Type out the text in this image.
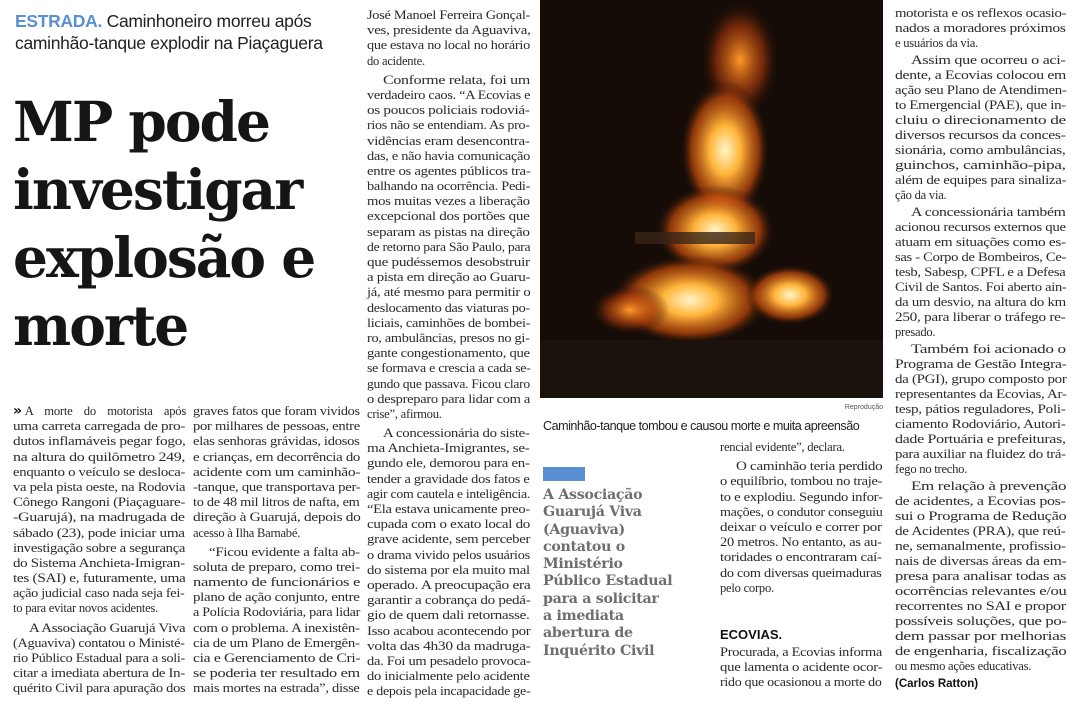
ESTRADA. Caminhoneiro morreu após caminhão-tanque explodir na Piaçaguera
MP pode
investigar
explosão e
morte
» A morte do motorista após
uma carreta carregada de pro-
dutos inflamáveis pegar fogo,
na altura do quilômetro 249,
enquanto o veículo se desloca-
va pela pista oeste, na Rodovia
Cônego Rangoni (Piaçaguare-
-Guarujá), na madrugada de
sábado (23), pode iniciar uma
investigação sobre a segurança
do Sistema Anchieta-Imigran-
tes (SAI) e, futuramente, uma
ação judicial caso nada seja fei-
to para evitar novos acidentes.
A Associação Guarujá Viva
(Aguaviva) contatou o Ministé-
rio Público Estadual para a soli-
citar a imediata abertura de In-
quérito Civil para apuração dos
graves fatos que foram vividos
por milhares de pessoas, entre
elas senhoras grávidas, idosos
e crianças, em decorrência do
acidente com um caminhão-
-tanque, que transportava per-
to de 48 mil litros de nafta, em
direção à Guarujá, depois do
acesso à Ilha Barnabé.
“Ficou evidente a falta ab-
soluta de preparo, como trei-
namento de funcionários e
plano de ação conjunto, entre
a Polícia Rodoviária, para lidar
com o problema. A inexistên-
cia de um Plano de Emergên-
cia e Gerenciamento de Cri-
se poderia ter resultado em
mais mortes na estrada”, disse
José Manoel Ferreira Gonçal-
ves, presidente da Aguaviva,
que estava no local no horário
do acidente.
Conforme relata, foi um
verdadeiro caos. “A Ecovias e
os poucos policiais rodoviá-
rios não se entendiam. As pro-
vidências eram desencontra-
das, e não havia comunicação
entre os agentes públicos tra-
balhando na ocorrência. Pedi-
mos muitas vezes a liberação
excepcional dos portões que
separam as pistas na direção
de retorno para São Paulo, para
que pudéssemos desobstruir
a pista em direção ao Guaru-
já, até mesmo para permitir o
deslocamento das viaturas po-
liciais, caminhões de bombei-
ro, ambulâncias, presos no gi-
gante congestionamento, que
se formava e crescia a cada se-
gundo que passava. Ficou claro
o despreparo para lidar com a
crise”, afirmou.
A concessionária do siste-
ma Anchieta-Imigrantes, se-
gundo ele, demorou para en-
tender a gravidade dos fatos e
agir com cautela e inteligência.
“Ela estava unicamente preo-
cupada com o exato local do
grave acidente, sem perceber
o drama vivido pelos usuários
do sistema por ela muito mal
operado. A preocupação era
garantir a cobrança do pedá-
gio de quem dali retornasse.
Isso acabou acontecendo por
volta das 4h30 da madruga-
da. Foi um pesadelo provoca-
do inicialmente pelo acidente
e depois pela incapacidade ge-
rencial evidente”, declara.
O caminhão teria perdido
o equilíbrio, tombou no traje-
to e explodiu. Segundo infor-
mações, o condutor conseguiu
deixar o veículo e correr por
20 metros. No entanto, as au-
toridades o encontraram caí-
do com diversas queimaduras
pelo corpo.
Procurada, a Ecovias informa
que lamenta o acidente ocor-
rido que ocasionou a morte do
motorista e os reflexos ocasio-
nados a moradores próximos
e usuários da via.
Assim que ocorreu o aci-
dente, a Ecovias colocou em
ação seu Plano de Atendimen-
to Emergencial (PAE), que in-
cluiu o direcionamento de
diversos recursos da conces-
sionária, como ambulâncias,
guinchos, caminhão-pipa,
além de equipes para sinaliza-
ção da via.
A concessionária também
acionou recursos externos que
atuam em situações como es-
sas - Corpo de Bombeiros, Ce-
tesb, Sabesp, CPFL e a Defesa
Civil de Santos. Foi aberto ain-
da um desvio, na altura do km
250, para liberar o tráfego re-
presado.
Também foi acionado o
Programa de Gestão Integra-
da (PGI), grupo composto por
representantes da Ecovias, Ar-
tesp, pátios reguladores, Poli-
ciamento Rodoviário, Autori-
dade Portuária e prefeituras,
para auxiliar na fluidez do trá-
fego no trecho.
Em relação à prevenção
de acidentes, a Ecovias pos-
sui o Programa de Redução
de Acidentes (PRA), que reú-
ne, semanalmente, profissio-
nais de diversas áreas da em-
presa para analisar todas as
ocorrências relevantes e/ou
recorrentes no SAI e propor
possíveis soluções, que po-
dem passar por melhorias
de engenharia, fiscalização
ou mesmo ações educativas.
Reprodução
Caminhão-tanque tombou e causou morte e muita apreensão
A Associação
Guarujá Viva
(Aguaviva)
contatou o
Ministério
Público Estadual
para a solicitar
a imediata
abertura de
Inquérito Civil
ECOVIAS.
(Carlos Ratton)
